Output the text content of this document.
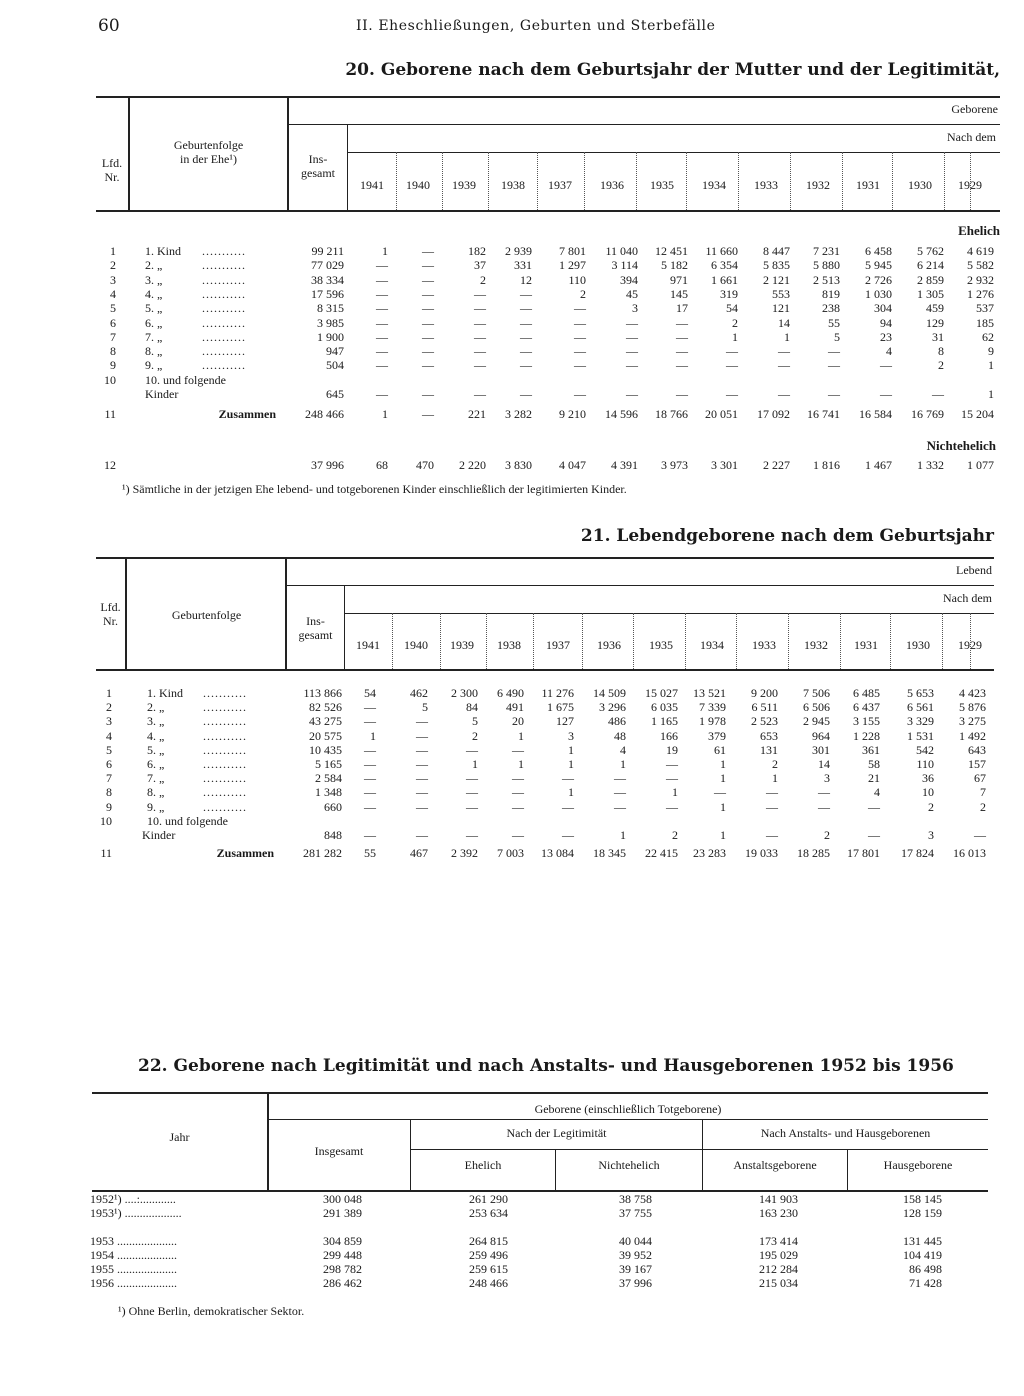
60	II. Eheschließungen, Geburten und Sterbefälle
20. Geborene nach dem Geburtsjahr der Mutter und der Legitimität,
Lfd.
Nr.
Geburtenfolge
in der Ehe¹)	Ins-
gesamt
Geborene
Nach dem
1941	1940	1939	1938	1937	1936	1935	1934	1933	1932	1931	1930	1929
Ehelich
1 1. Kind ...........	99 211	1	—	182	2 939	7 801	11 040	12 451	11 660	8 447	7 231	6 458	5 762	4 619
2 2. „	...........	77 029	—	—	37	331	1 297	3 114	5 182	6 354	5 835	5 880	5 945	6 214	5 582
3 3. „	...........	38 334	—	—	2	12	110	394	971	1 661	2 121	2 513	2 726	2 859	2 932
4 4. „	...........	17 596	—	—	—	—	2	45	145	319	553	819	1 030	1 305	1 276
5 5. „	...........	8 315	—	—	—	—	—	3	17	54	121	238	304	459	537
6 6. „	...........	3 985	—	—	—	—	—	—	—	2	14	55	94	129	185
7 7. „	...........	1 900	—	—	—	—	—	—	—	1	1	5	23	31	62
8 8. „	...........	947	—	—	—	—	—	—	—	—	—	—	4	8	9
9 9. „	...........	504	—	—	—	—	—	—	—	—	—	—	—	2	1
10 10. und folgende
Kinder	645	—	—	—	—	—	—	—	—	—	—	—	—	1
11	Zusammen	248 466	1	—	221	3 282	9 210	14 596	18 766	20 051	17 092	16 741	16 584	16 769	15 204
Nichtehelich
12	37 996	68	470	2 220	3 830	4 047	4 391	3 973	3 301	2 227	1 816	1 467	1 332	1 077
¹) Sämtliche in der jetzigen Ehe lebend- und totgeborenen Kinder einschließlich der legitimierten Kinder.
21. Lebendgeborene nach dem Geburtsjahr
Lfd.
Nr.	Geburtenfolge	Ins-
gesamt
Lebend
Nach dem
1941	1940	1939	1938	1937	1936	1935	1934	1933	1932	1931	1930	1929
1	1. Kind ...........	113 866	54	462	2 300	6 490	11 276	14 509	15 027	13 521	9 200	7 506	6 485	5 653	4 423
2	2. „	...........	82 526	—	5	84	491	1 675	3 296	6 035	7 339	6 511	6 506	6 437	6 561	5 876
3	3. „	...........	43 275	—	—	5	20	127	486	1 165	1 978	2 523	2 945	3 155	3 329	3 275
4	4. „	...........	20 575	1	—	2	1	3	48	166	379	653	964	1 228	1 531	1 492
5	5. „	...........	10 435	—	—	—	—	1	4	19	61	131	301	361	542	643
6	6. „	...........	5 165	—	—	1	1	1	1	—	1	2	14	58	110	157
7	7. „	...........	2 584	—	—	—	—	—	—	—	1	1	3	21	36	67
8	8. „	...........	1 348	—	—	—	—	1	—	1	—	—	—	4	10	7
9	9. „	...........	660	—	—	—	—	—	—	—	1	—	—	—	2	2
10	10. und folgende
Kinder	848	—	—	—	—	—	1	2	1	—	2	—	3	—
11	Zusammen	281 282	55	467	2 392	7 003	13 084	18 345	22 415	23 283	19 033	18 285	17 801	17 824	16 013
22. Geborene nach Legitimität und nach Anstalts- und Hausgeborenen 1952 bis 1956
Jahr
Geborene (einschließlich Totgeborene)
Insgesamt
Nach der Legitimität	Nach Anstalts- und Hausgeborenen
Ehelich	Nichtehelich	Anstaltsgeborene	Hausgeborene
1952¹) ....:............	300 048	261 290	38 758	141 903	158 145
1953¹) ...................	291 389	253 634	37 755	163 230	128 159
1953 ....................	304 859	264 815	40 044	173 414	131 445
1954 ....................	299 448	259 496	39 952	195 029	104 419
1955 ....................	298 782	259 615	39 167	212 284	86 498
1956 ....................	286 462	248 466	37 996	215 034	71 428
¹) Ohne Berlin, demokratischer Sektor.
